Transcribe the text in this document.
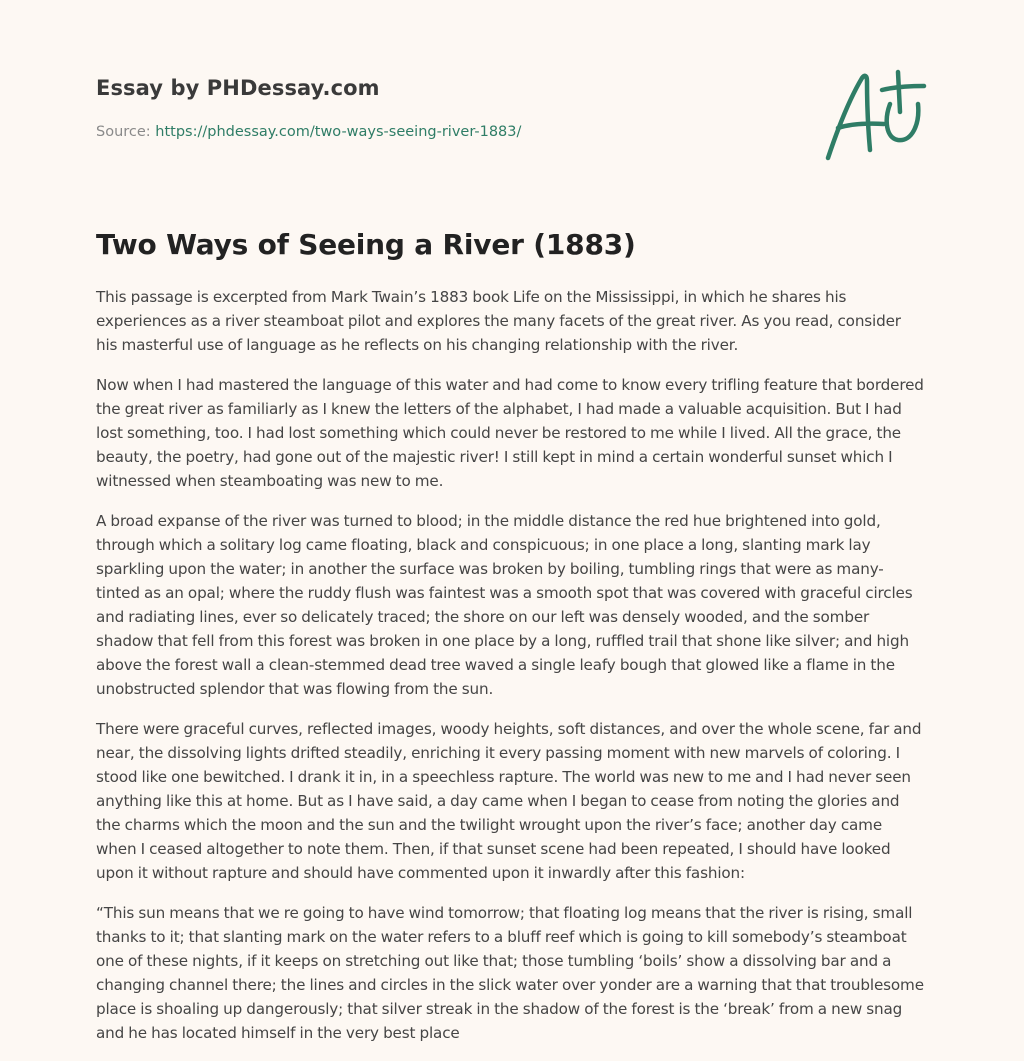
Essay by PHDessay.com
Source: https://phdessay.com/two-ways-seeing-river-1883/
Two Ways of Seeing a River (1883)

This passage is excerpted from Mark Twain’s 1883 book Life on the Mississippi, in which he shares his experiences as a river steamboat pilot and explores the many facets of the great river. As you read, consider his masterful use of language as he reflects on his changing relationship with the river.

Now when I had mastered the language of this water and had come to know every trifling feature that bordered the great river as familiarly as I knew the letters of the alphabet, I had made a valuable acquisition. But I had lost something, too. I had lost something which could never be restored to me while I lived. All the grace, the beauty, the poetry, had gone out of the majestic river! I still kept in mind a certain wonderful sunset which I witnessed when steamboating was new to me.

A broad expanse of the river was turned to blood; in the middle distance the red hue brightened into gold, through which a solitary log came floating, black and conspicuous; in one place a long, slanting mark lay sparkling upon the water; in another the surface was broken by boiling, tumbling rings that were as many-tinted as an opal; where the ruddy flush was faintest was a smooth spot that was covered with graceful circles and radiating lines, ever so delicately traced; the shore on our left was densely wooded, and the somber shadow that fell from this forest was broken in one place by a long, ruffled trail that shone like silver; and high above the forest wall a clean-stemmed dead tree waved a single leafy bough that glowed like a flame in the unobstructed splendor that was flowing from the sun.

There were graceful curves, reflected images, woody heights, soft distances, and over the whole scene, far and near, the dissolving lights drifted steadily, enriching it every passing moment with new marvels of coloring. I stood like one bewitched. I drank it in, in a speechless rapture. The world was new to me and I had never seen anything like this at home. But as I have said, a day came when I began to cease from noting the glories and the charms which the moon and the sun and the twilight wrought upon the river’s face; another day came when I ceased altogether to note them. Then, if that sunset scene had been repeated, I should have looked upon it without rapture and should have commented upon it inwardly after this fashion:

“This sun means that we re going to have wind tomorrow; that floating log means that the river is rising, small thanks to it; that slanting mark on the water refers to a bluff reef which is going to kill somebody’s steamboat one of these nights, if it keeps on stretching out like that; those tumbling ‘boils’ show a dissolving bar and a changing channel there; the lines and circles in the slick water over yonder are a warning that that troublesome place is shoaling up dangerously; that silver streak in the shadow of the forest is the ‘break’ from a new snag and he has located himself in the very best place
